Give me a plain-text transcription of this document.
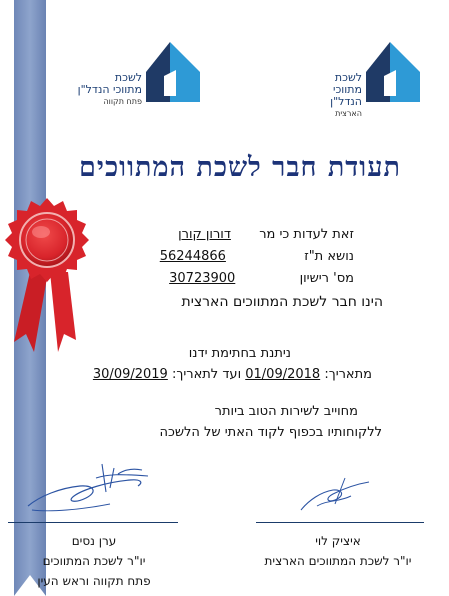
לשכת
מתווכי הנדל"ן
הארצית
לשכת
מתווכי הנדל"ן
פתח תקווה
תעודת חבר לשכת המתווכים
זאת לעדות כי מר  דורון קורן
נושא ת"ז  56244866
מס' רישיון  30723900
הינו חבר לשכת המתווכים הארצית
ניתנת בחתימת ידנו
מתאריך: 01/09/2018 ועד לתאריך: 30/09/2019
מחוייב לשירות הטוב ביותר
ללקוחותיו בכפוף לקוד האתי של הלשכה
ערן נסים
יו"ר לשכת המתווכים
פתח תקווה וראש העין
איציק לוי
יו"ר לשכת המתווכים הארצית
